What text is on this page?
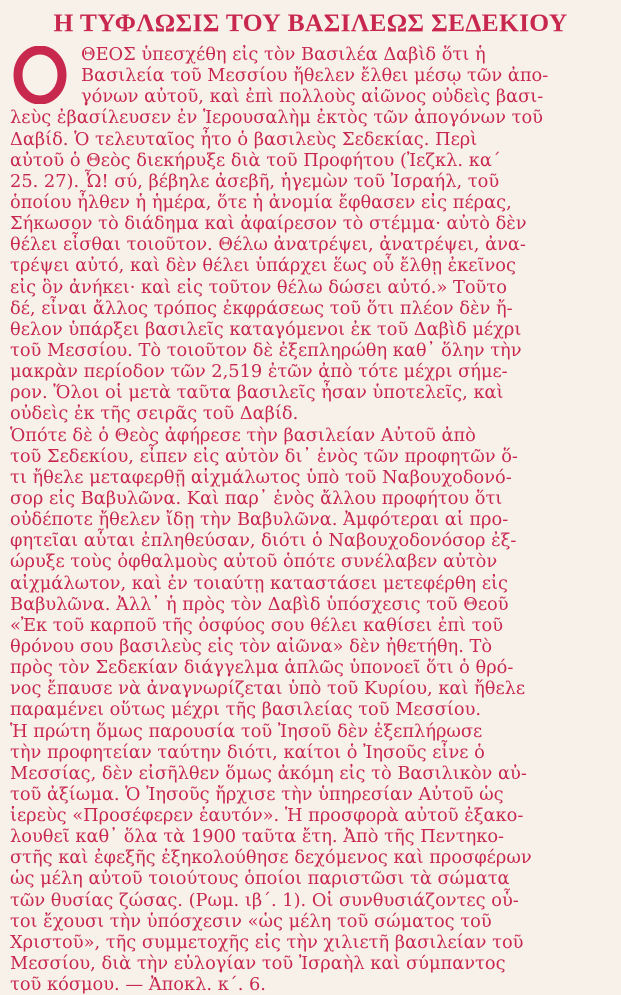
Η ΤΥΦΛΩΣΙΣ ΤΟΥ ΒΑΣΙΛΕΩΣ ΣΕΔΕΚΙΟΥ
ΘΕΟΣ ὑπεσχέθη εἰς τὸν Βασιλέα Δαβὶδ ὅτι ἡ
Βασιλεία τοῦ Μεσσίου ἤθελεν ἔλθει μέσῳ τῶν ἀπο-
γόνων αὐτοῦ, καὶ ἐπὶ πολλοὺς αἰῶνος οὐδεὶς βασι-
λεὺς ἐβασίλευσεν ἐν Ἱερουσαλὴμ ἐκτὸς τῶν ἀπογόνων τοῦ
Δαβίδ. Ὁ τελευταῖος ἦτο ὁ βασιλεὺς Σεδεκίας. Περὶ
αὐτοῦ ὁ Θεὸς διεκήρυξε διὰ τοῦ Προφήτου (Ἰεζκλ. κα´
25. 27). Ὦ! σύ, βέβηλε ἀσεβῆ, ἡγεμὼν τοῦ Ἰσραήλ, τοῦ
ὁποίου ἦλθεν ἡ ἡμέρα, ὅτε ἡ ἀνομία ἔφθασεν εἰς πέρας,
Σήκωσον τὸ διάδημα καὶ ἀφαίρεσον τὸ στέμμα· αὐτὸ δὲν
θέλει εἶσθαι τοιοῦτον. Θέλω ἀνατρέψει, ἀνατρέψει, ἀνα-
τρέψει αὐτό, καὶ δὲν θέλει ὑπάρχει ἕως οὗ ἔλθῃ ἐκεῖνος
εἰς ὃν ἀνήκει· καὶ εἰς τοῦτον θέλω δώσει αὐτό.» Τοῦτο
δέ, εἶναι ἄλλος τρόπος ἐκφράσεως τοῦ ὅτι πλέον δὲν ἤ-
θελον ὑπάρξει βασιλεῖς καταγόμενοι ἐκ τοῦ Δαβὶδ μέχρι
τοῦ Μεσσίου. Τὸ τοιοῦτον δὲ ἐξεπληρώθη καθ᾽ ὅλην τὴν
μακρὰν περίοδον τῶν 2,519 ἐτῶν ἀπὸ τότε μέχρι σήμε-
ρον. Ὅλοι οἱ μετὰ ταῦτα βασιλεῖς ἦσαν ὑποτελεῖς, καὶ
οὐδεὶς ἐκ τῆς σειρᾶς τοῦ Δαβίδ.
Ὁπότε δὲ ὁ Θεὸς ἀφήρεσε τὴν βασιλείαν Αὐτοῦ ἀπὸ
τοῦ Σεδεκίου, εἶπεν εἰς αὐτὸν δι᾽ ἑνὸς τῶν προφητῶν ὅ-
τι ἤθελε μεταφερθῇ αἰχμάλωτος ὑπὸ τοῦ Ναβουχοδονό-
σορ εἰς Βαβυλῶνα. Καὶ παρ᾽ ἑνὸς ἄλλου προφήτου ὅτι
οὐδέποτε ἤθελεν ἴδῃ τὴν Βαβυλῶνα. Ἀμφότεραι αἱ προ-
φητεῖαι αὗται ἐπληθεύσαν, διότι ὁ Ναβουχοδονόσορ ἐξ-
ώρυξε τοὺς ὀφθαλμοὺς αὐτοῦ ὁπότε συνέλαβεν αὐτὸν
αἰχμάλωτον, καὶ ἐν τοιαύτῃ καταστάσει μετεφέρθη εἰς
Βαβυλῶνα. Ἀλλ᾽ ἡ πρὸς τὸν Δαβὶδ ὑπόσχεσις τοῦ Θεοῦ
«Ἐκ τοῦ καρποῦ τῆς ὀσφύος σου θέλει καθίσει ἐπὶ τοῦ
θρόνου σου βασιλεὺς εἰς τὸν αἰῶνα» δὲν ἠθετήθη. Τὸ
πρὸς τὸν Σεδεκίαν διάγγελμα ἁπλῶς ὑπονοεῖ ὅτι ὁ θρό-
νος ἔπαυσε νὰ ἀναγνωρίζεται ὑπὸ τοῦ Κυρίου, καὶ ἤθελε
παραμένει οὕτως μέχρι τῆς βασιλείας τοῦ Μεσσίου.
Ἡ πρώτη ὅμως παρουσία τοῦ Ἰησοῦ δὲν ἐξεπλήρωσε
τὴν προφητείαν ταύτην διότι, καίτοι ὁ Ἰησοῦς εἶνε ὁ
Μεσσίας, δὲν εἰσῆλθεν ὅμως ἀκόμη εἰς τὸ Βασιλικὸν αὐ-
τοῦ ἀξίωμα. Ὁ Ἰησοῦς ἤρχισε τὴν ὑπηρεσίαν Αὐτοῦ ὡς
ἱερεὺς «Προσέφερεν ἑαυτόν». Ἡ προσφορὰ αὐτοῦ ἐξακο-
λουθεῖ καθ᾽ ὅλα τὰ 1900 ταῦτα ἔτη. Ἀπὸ τῆς Πεντηκο-
στῆς καὶ ἐφεξῆς ἐξηκολούθησε δεχόμενος καὶ προσφέρων
ὡς μέλη αὐτοῦ τοιούτους ὁποίοι παριστῶσι τὰ σώματα
τῶν θυσίας ζώσας. (Ρωμ. ιβ´. 1). Οἱ συνθυσιάζοντες οὗ-
τοι ἔχουσι τὴν ὑπόσχεσιν «ὡς μέλη τοῦ σώματος τοῦ
Χριστοῦ», τῆς συμμετοχῆς εἰς τὴν χιλιετῆ βασιλείαν τοῦ
Μεσσίου, διὰ τὴν εὐλογίαν τοῦ Ἰσραὴλ καὶ σύμπαντος
τοῦ κόσμου. — Ἀποκλ. κ´. 6.
